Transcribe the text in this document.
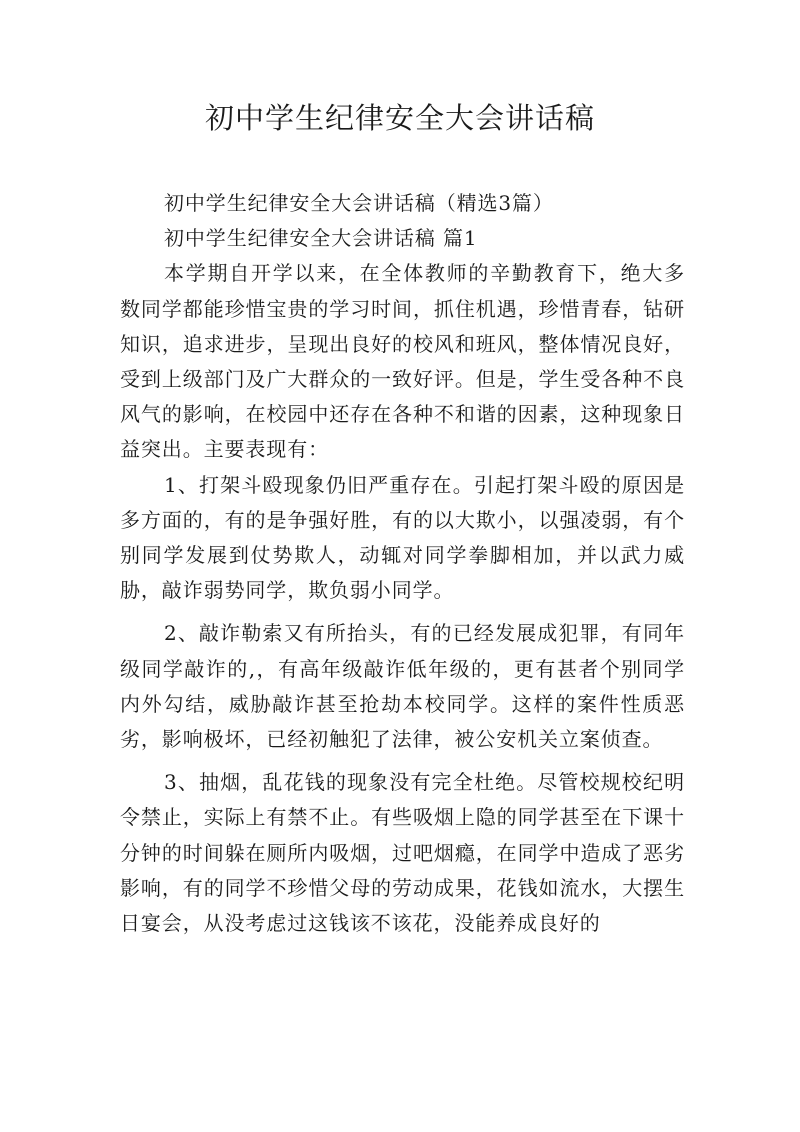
初中学生纪律安全大会讲话稿

初中学生纪律安全大会讲话稿（精选3篇）

初中学生纪律安全大会讲话稿 篇1

本学期自开学以来，在全体教师的辛勤教育下，绝大多数同学都能珍惜宝贵的学习时间，抓住机遇，珍惜青春，钻研知识，追求进步，呈现出良好的校风和班风，整体情况良好，受到上级部门及广大群众的一致好评。但是，学生受各种不良风气的影响，在校园中还存在各种不和谐的因素，这种现象日益突出。主要表现有：

1、打架斗殴现象仍旧严重存在。引起打架斗殴的原因是多方面的，有的是争强好胜，有的以大欺小，以强凌弱，有个别同学发展到仗势欺人，动辄对同学拳脚相加，并以武力威胁，敲诈弱势同学，欺负弱小同学。

2、敲诈勒索又有所抬头，有的已经发展成犯罪，有同年级同学敲诈的,，有高年级敲诈低年级的，更有甚者个别同学内外勾结，威胁敲诈甚至抢劫本校同学。这样的案件性质恶劣，影响极坏，已经初触犯了法律，被公安机关立案侦查。

3、抽烟，乱花钱的现象没有完全杜绝。尽管校规校纪明令禁止，实际上有禁不止。有些吸烟上隐的同学甚至在下课十分钟的时间躲在厕所内吸烟，过吧烟瘾，在同学中造成了恶劣影响，有的同学不珍惜父母的劳动成果，花钱如流水，大摆生日宴会，从没考虑过这钱该不该花，没能养成良好的
